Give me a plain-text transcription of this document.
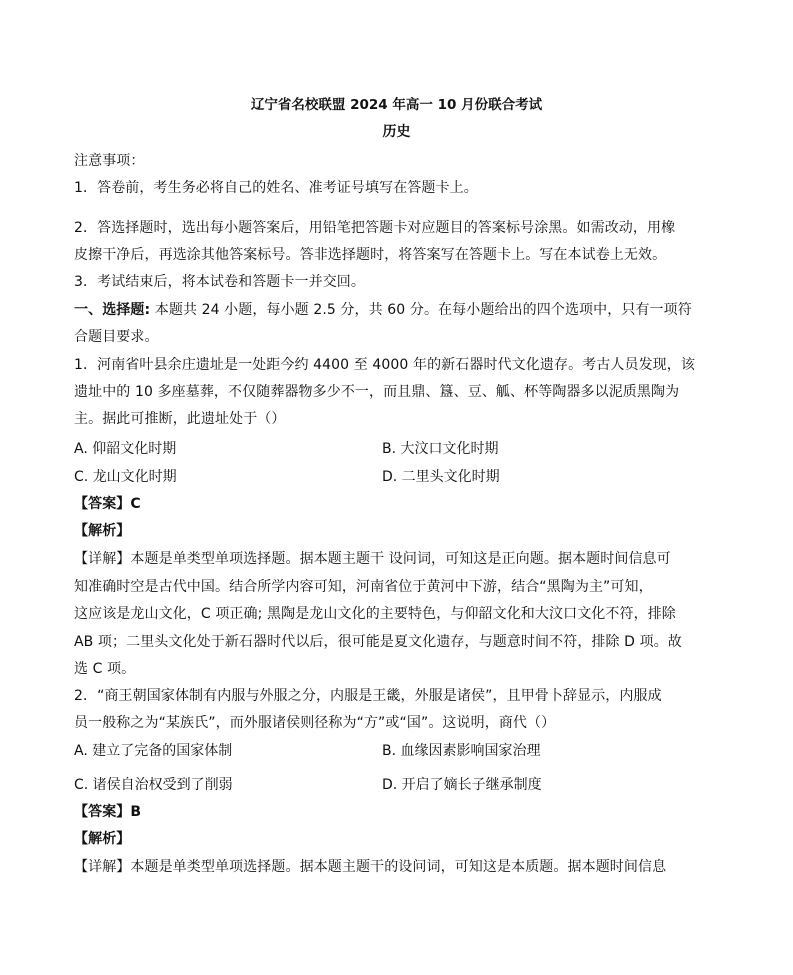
辽宁省名校联盟 2024 年高一 10 月份联合考试
历史
注意事项：
1．答卷前，考生务必将自己的姓名、准考证号填写在答题卡上。
2．答选择题时，选出每小题答案后，用铅笔把答题卡对应题目的答案标号涂黑。如需改动，用橡
皮擦干净后，再选涂其他答案标号。答非选择题时，将答案写在答题卡上。写在本试卷上无效。
3．考试结束后，将本试卷和答题卡一并交回。
一、选择题: 本题共 24 小题，每小题 2.5 分，共 60 分。在每小题给出的四个选项中，只有一项符
合题目要求。
1．河南省叶县余庄遗址是一处距今约 4400 至 4000 年的新石器时代文化遗存。考古人员发现，该
遗址中的 10 多座墓葬，不仅随葬器物多少不一，而且鼎、簋、豆、觚、杯等陶器多以泥质黑陶为
主。据此可推断，此遗址处于（）
A. 仰韶文化时期	B. 大汶口文化时期
C. 龙山文化时期	D. 二里头文化时期
【答案】C
【解析】
【详解】本题是单类型单项选择题。据本题主题干 设问词，可知这是正向题。据本题时间信息可
知准确时空是古代中国。结合所学内容可知，河南省位于黄河中下游，结合“黑陶为主”可知，
这应该是龙山文化，C 项正确; 黑陶是龙山文化的主要特色，与仰韶文化和大汶口文化不符，排除
AB 项；二里头文化处于新石器时代以后，很可能是夏文化遗存，与题意时间不符，排除 D 项。故
选 C 项。
2．“商王朝国家体制有内服与外服之分，内服是王畿，外服是诸侯”，且甲骨卜辞显示，内服成
员一般称之为“某族氏”，而外服诸侯则径称为“方”或“国”。这说明，商代（）
A. 建立了完备的国家体制	B. 血缘因素影响国家治理
C. 诸侯自治权受到了削弱	D. 开启了嫡长子继承制度
【答案】B
【解析】
【详解】本题是单类型单项选择题。据本题主题干的设问词，可知这是本质题。据本题时间信息
